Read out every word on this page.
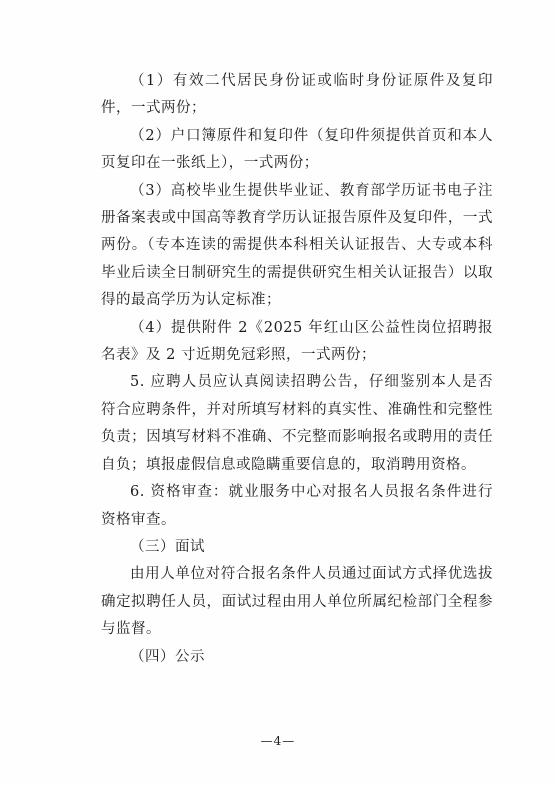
（1）有效二代居民身份证或临时身份证原件及复印件，一式两份；

（2）户口簿原件和复印件（复印件须提供首页和本人页复印在一张纸上），一式两份；

（3）高校毕业生提供毕业证、教育部学历证书电子注册备案表或中国高等教育学历认证报告原件及复印件，一式两份。（专本连读的需提供本科相关认证报告、大专或本科毕业后读全日制研究生的需提供研究生相关认证报告）以取得的最高学历为认定标准；

（4）提供附件 2《2025 年红山区公益性岗位招聘报名表》及 2 寸近期免冠彩照，一式两份；

5. 应聘人员应认真阅读招聘公告，仔细鉴别本人是否符合应聘条件，并对所填写材料的真实性、准确性和完整性负责；因填写材料不准确、不完整而影响报名或聘用的责任自负；填报虚假信息或隐瞒重要信息的，取消聘用资格。

6. 资格审查：就业服务中心对报名人员报名条件进行资格审查。

（三）面试

由用人单位对符合报名条件人员通过面试方式择优选拔确定拟聘任人员，面试过程由用人单位所属纪检部门全程参与监督。

（四）公示

—4—
